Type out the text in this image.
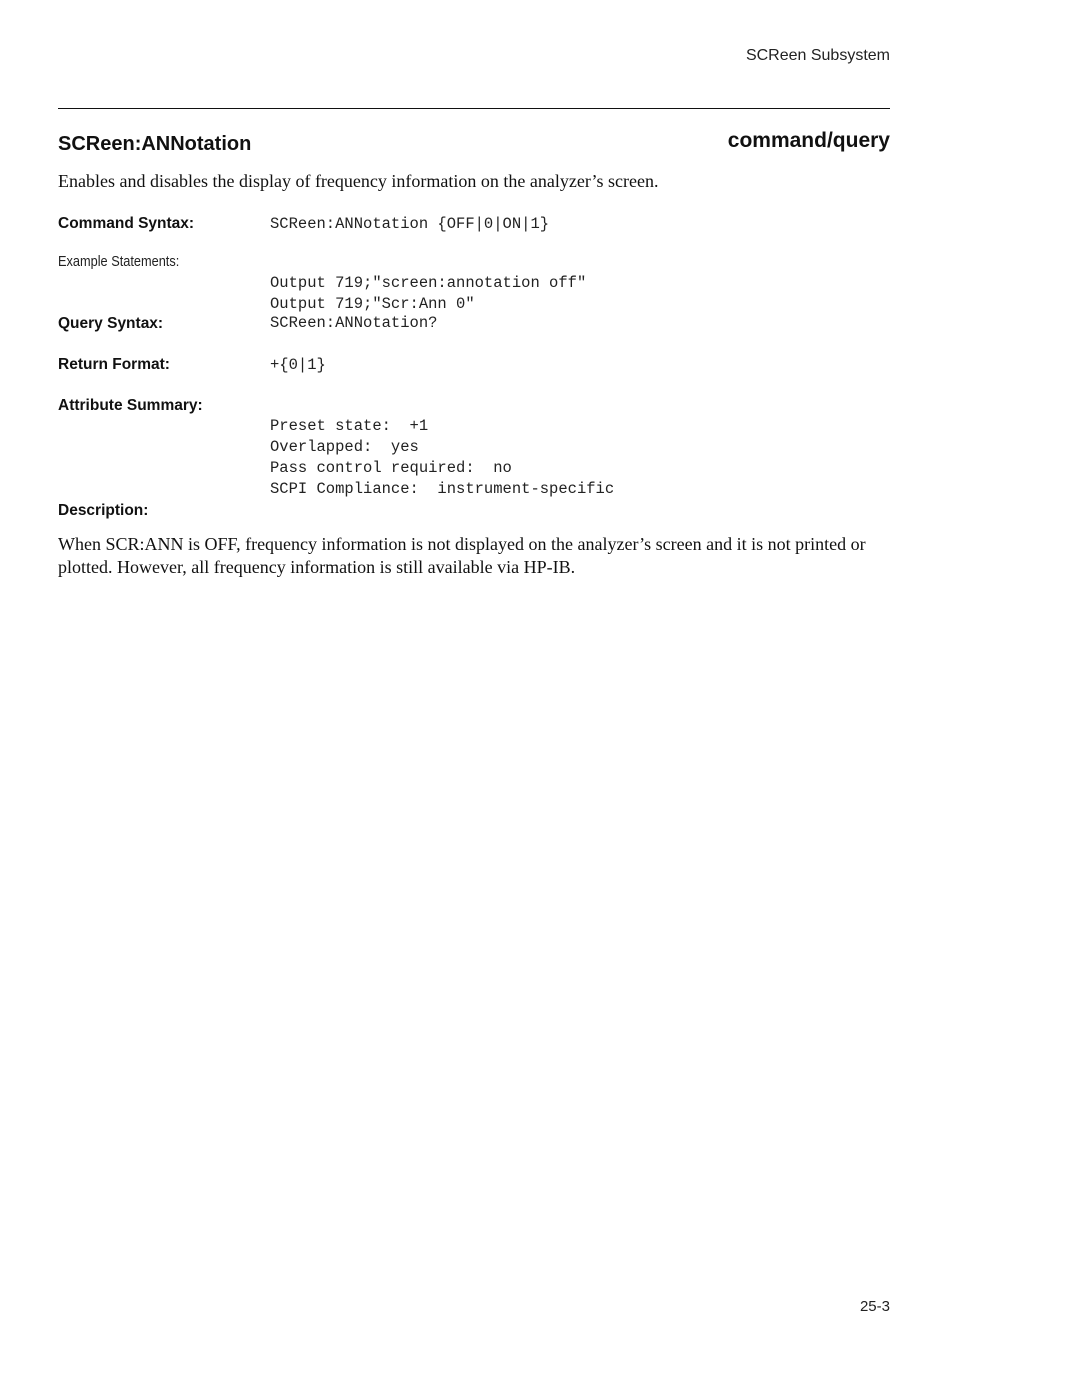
SCReen Subsystem
SCReen:ANNotation	command/query
Enables and disables the display of frequency information on the analyzer’s screen.
Command Syntax:	SCReen:ANNotation {OFF|0|ON|1}
Example Statements:

Output 719;"screen:annotation off"
Output 719;"Scr:Ann 0"

Query Syntax:	SCReen:ANNotation?
Return Format:	+{0|1}
Attribute Summary:

Preset state:  +1
Overlapped:  yes
Pass control required:  no
SCPI Compliance:  instrument-specific

Description:
When SCR:ANN is OFF, frequency information is not displayed on the analyzer’s screen and it is not printed or plotted. However, all frequency information is still available via HP-IB.
25-3
